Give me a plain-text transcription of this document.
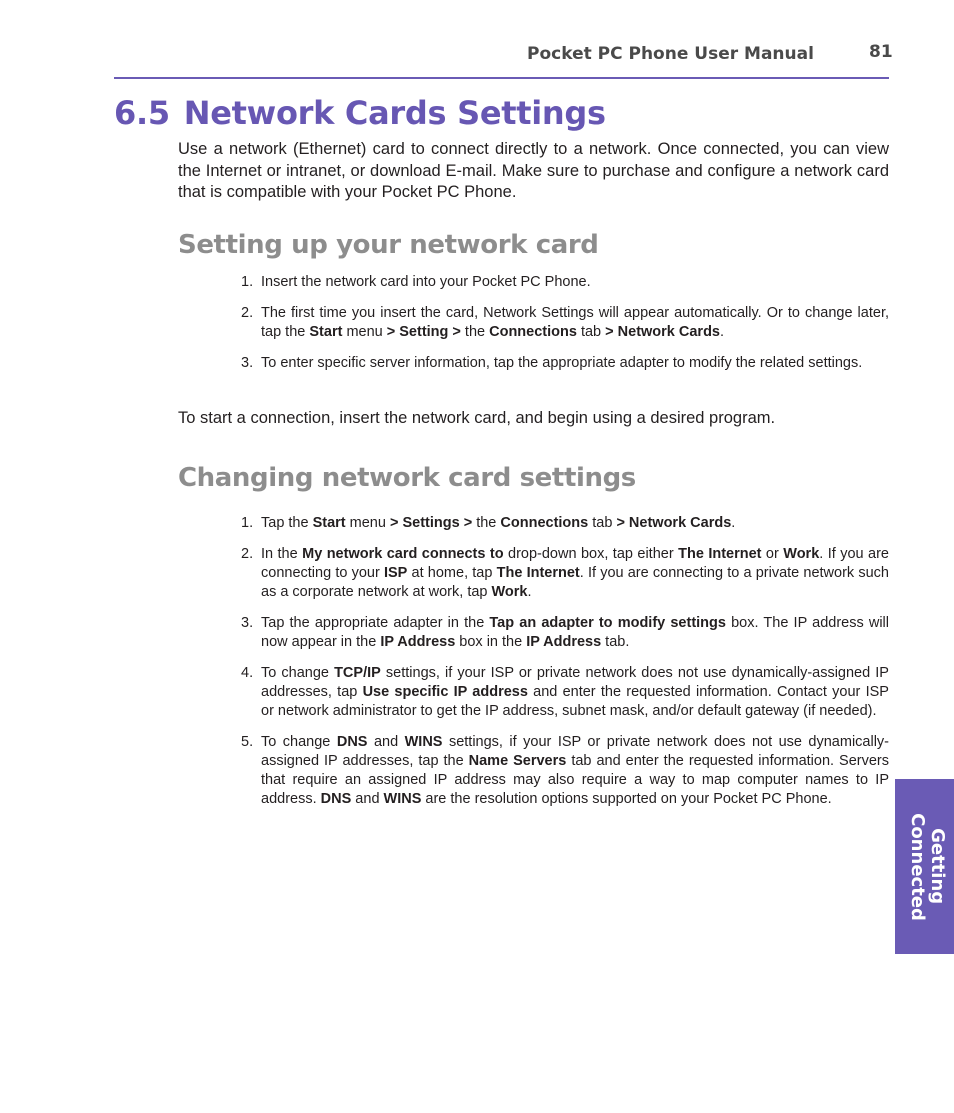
Pocket PC Phone User Manual	81
6.5 Network Cards Settings

Use a network (Ethernet) card to connect directly to a network. Once connected, you can view the Internet or intranet, or download E-mail. Make sure to purchase and configure a network card that is compatible with your Pocket PC Phone.

Setting up your network card
1. Insert the network card into your Pocket PC Phone.
2. The first time you insert the card, Network Settings will appear automatically. Or to change later, tap the Start menu > Setting > the Connections tab > Network Cards.
3. To enter specific server information, tap the appropriate adapter to modify the related settings.

To start a connection, insert the network card, and begin using a desired program.

Changing network card settings
1. Tap the Start menu > Settings > the Connections tab > Network Cards.
2. In the My network card connects to drop-down box, tap either The Internet or Work. If you are connecting to your ISP at home, tap The Internet. If you are connecting to a private network such as a corporate network at work, tap Work.
3. Tap the appropriate adapter in the Tap an adapter to modify settings box. The IP address will now appear in the IP Address box in the IP Address tab.
4. To change TCP/IP settings, if your ISP or private network does not use dynamically-assigned IP addresses, tap Use specific IP address and enter the requested information. Contact your ISP or network administrator to get the IP address, subnet mask, and/or default gateway (if needed).
5. To change DNS and WINS settings, if your ISP or private network does not use dynamically-assigned IP addresses, tap the Name Servers tab and enter the requested information. Servers that require an assigned IP address may also require a way to map computer names to IP address. DNS and WINS are the resolution options supported on your Pocket PC Phone.
Getting
Connected
